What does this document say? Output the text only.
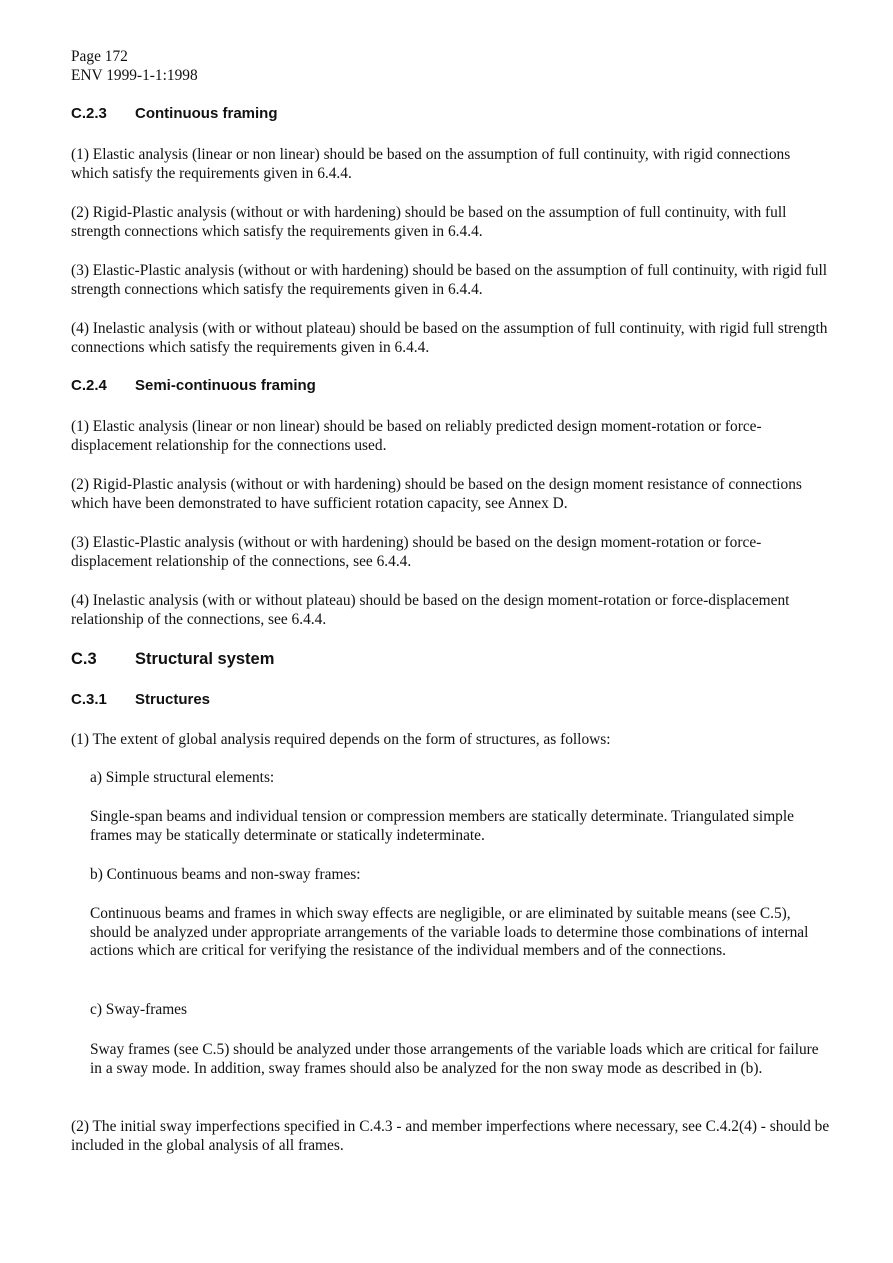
Page 172
ENV 1999-1-1:1998
C.2.3 Continuous framing

(1) Elastic analysis (linear or non linear) should be based on the assumption of full continuity, with rigid connections which satisfy the requirements given in 6.4.4.

(2) Rigid-Plastic analysis (without or with hardening) should be based on the assumption of full continuity, with full strength connections which satisfy the requirements given in 6.4.4.

(3) Elastic-Plastic analysis (without or with hardening) should be based on the assumption of full continuity, with rigid full strength connections which satisfy the requirements given in 6.4.4.

(4) Inelastic analysis (with or without plateau) should be based on the assumption of full continuity, with rigid full strength connections which satisfy the requirements given in 6.4.4.

C.2.4 Semi-continuous framing

(1) Elastic analysis (linear or non linear) should be based on reliably predicted design moment-rotation or force-displacement relationship for the connections used.

(2) Rigid-Plastic analysis (without or with hardening) should be based on the design moment resistance of connections which have been demonstrated to have sufficient rotation capacity, see Annex D.

(3) Elastic-Plastic analysis (without or with hardening) should be based on the design moment-rotation or force-displacement relationship of the connections, see 6.4.4.

(4) Inelastic analysis (with or without plateau) should be based on the design moment-rotation or force-displacement relationship of the connections, see 6.4.4.

C.3 Structural system
C.3.1 Structures

(1) The extent of global analysis required depends on the form of structures, as follows:

a) Simple structural elements:

Single-span beams and individual tension or compression members are statically determinate. Triangulated simple frames may be statically determinate or statically indeterminate.

b) Continuous beams and non-sway frames:

Continuous beams and frames in which sway effects are negligible, or are eliminated by suitable means (see C.5), should be analyzed under appropriate arrangements of the variable loads to determine those combinations of internal actions which are critical for verifying the resistance of the individual members and of the connections.

c) Sway-frames

Sway frames (see C.5) should be analyzed under those arrangements of the variable loads which are critical for failure in a sway mode. In addition, sway frames should also be analyzed for the non sway mode as described in (b).

(2) The initial sway imperfections specified in C.4.3 - and member imperfections where necessary, see C.4.2(4) - should be included in the global analysis of all frames.
